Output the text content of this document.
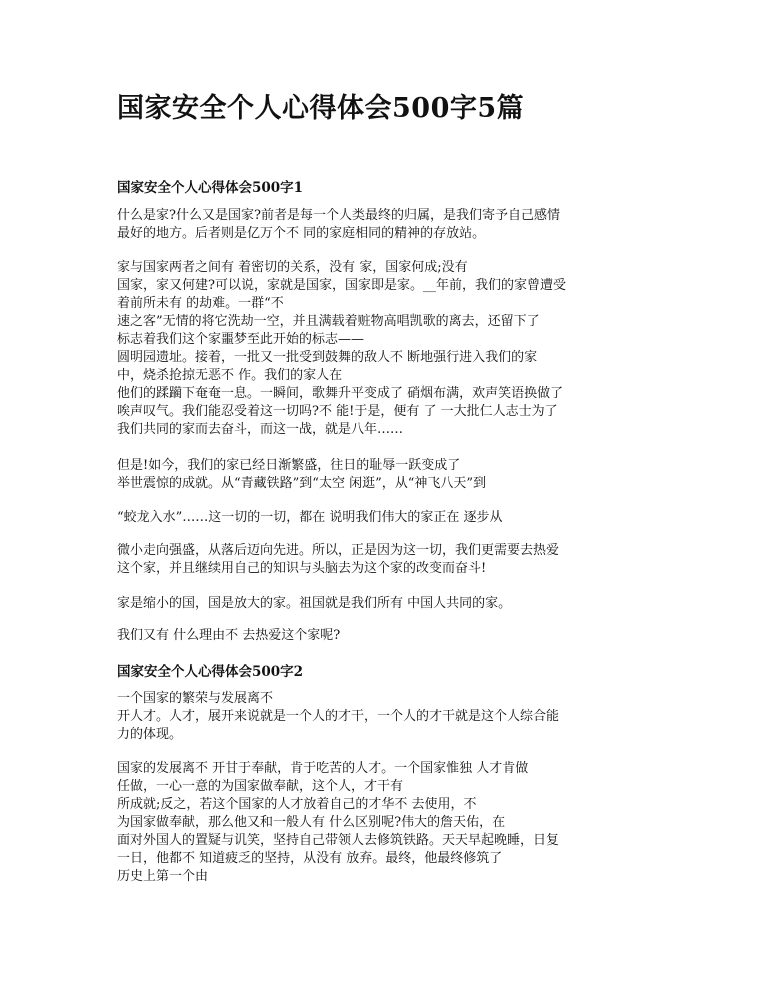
国家安全个人心得体会500字5篇
国家安全个人心得体会500字1
什么是家?什么又是国家?前者是每一个人类最终的归属，是我们寄予自己感情
最好的地方。后者则是亿万个不 同的家庭相同的精神的存放站。
家与国家两者之间有 着密切的关系，没有 家，国家何成;没有
国家，家又何建?可以说，家就是国家，国家即是家。__年前，我们的家曾遭受
着前所未有 的劫难。一群“不
速之客”无情的将它洗劫一空，并且满载着赃物高唱凯歌的离去，还留下了
标志着我们这个家噩梦至此开始的标志——
圆明园遗址。接着，一批又一批受到鼓舞的敌人不 断地强行进入我们的家
中，烧杀抢掠无恶不 作。我们的家人在
他们的蹂躏下奄奄一息。一瞬间，歌舞升平变成了 硝烟布满，欢声笑语换做了
唉声叹气。我们能忍受着这一切吗?不 能!于是，便有 了 一大批仁人志士为了
我们共同的家而去奋斗，而这一战，就是八年……
但是!如今，我们的家已经日渐繁盛，往日的耻辱一跃变成了
举世震惊的成就。从“青藏铁路”到“太空 闲逛”，从“神飞八天”到
“蛟龙入水”……这一切的一切，都在 说明我们伟大的家正在 逐步从
微小走向强盛，从落后迈向先进。所以，正是因为这一切，我们更需要去热爱
这个家，并且继续用自己的知识与头脑去为这个家的改变而奋斗!
家是缩小的国，国是放大的家。祖国就是我们所有 中国人共同的家。
我们又有 什么理由不 去热爱这个家呢?
国家安全个人心得体会500字2
一个国家的繁荣与发展离不
开人才。人才，展开来说就是一个人的才干，一个人的才干就是这个人综合能
力的体现。
国家的发展离不 开甘于奉献，肯于吃苦的人才。一个国家惟独 人才肯做
任做，一心一意的为国家做奉献，这个人，才干有
所成就;反之，若这个国家的人才放着自己的才华不 去使用，不
为国家做奉献，那么他又和一般人有 什么区别呢?伟大的詹天佑，在
面对外国人的置疑与讥笑，坚持自己带领人去修筑铁路。天天早起晚睡，日复
一日，他都不 知道疲乏的坚持，从没有 放弃。最终，他最终修筑了
历史上第一个由
